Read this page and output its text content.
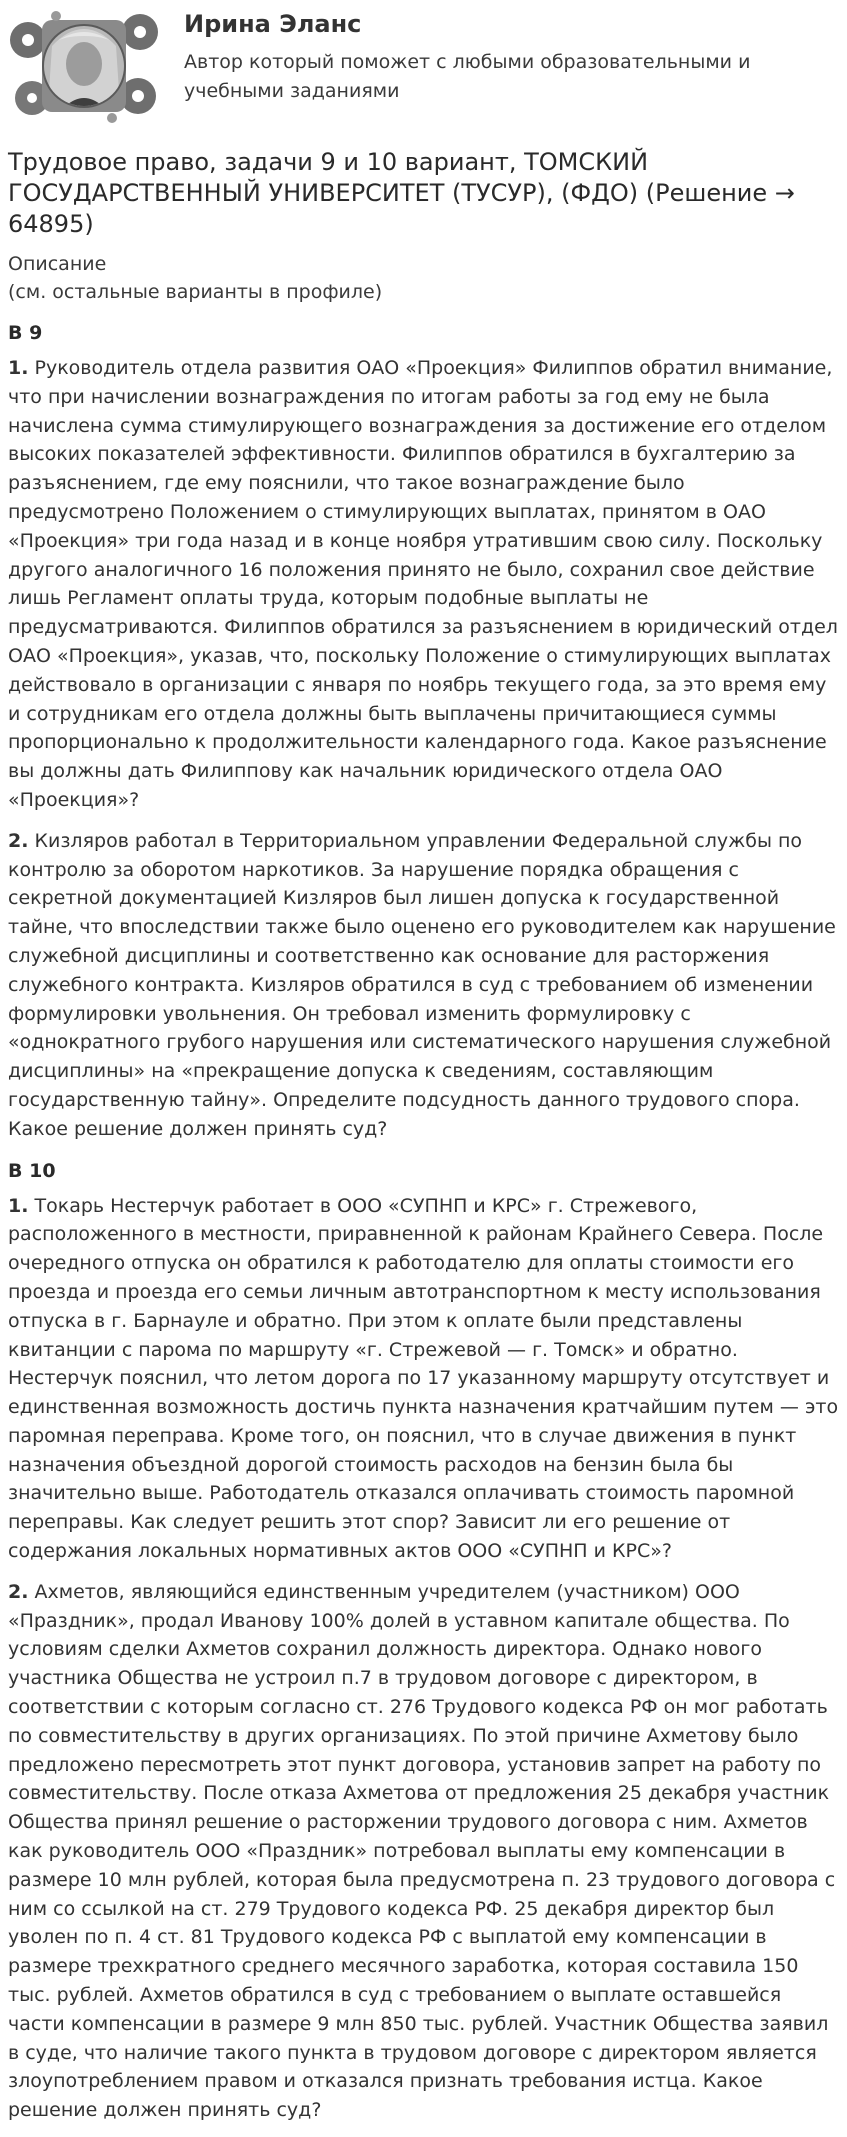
Ирина Эланс

Автор который поможет с любыми образовательными и учебными заданиями

Трудовое право, задачи 9 и 10 вариант, ТОМСКИЙ ГОСУДАРСТВЕННЫЙ УНИВЕРСИТЕТ (ТУСУР), (ФДО) (Решение → 64895)

Описание

(см. остальные варианты в профиле)

В 9

1. Руководитель отдела развития ОАО «Проекция» Филиппов обратил внимание, что при начислении вознаграждения по итогам работы за год ему не была начислена сумма стимулирующего вознаграждения за достижение его отделом высоких показателей эффективности. Филиппов обратился в бухгалтерию за разъяснением, где ему пояснили, что такое вознаграждение было предусмотрено Положением о стимулирующих выплатах, принятом в ОАО «Проекция» три года назад и в конце ноября утратившим свою силу. Поскольку другого аналогичного 16 положения принято не было, сохранил свое действие лишь Регламент оплаты труда, которым подобные выплаты не предусматриваются. Филиппов обратился за разъяснением в юридический отдел ОАО «Проекция», указав, что, поскольку Положение о стимулирующих выплатах действовало в организации с января по ноябрь текущего года, за это время ему и сотрудникам его отдела должны быть выплачены причитающиеся суммы пропорционально к продолжительности календарного года. Какое разъяснение вы должны дать Филиппову как начальник юридического отдела ОАО «Проекция»?

2. Кизляров работал в Территориальном управлении Федеральной службы по контролю за оборотом наркотиков. За нарушение порядка обращения с секретной документацией Кизляров был лишен допуска к государственной тайне, что впоследствии также было оценено его руководителем как нарушение служебной дисциплины и соответственно как основание для расторжения служебного контракта. Кизляров обратился в суд с требованием об изменении формулировки увольнения. Он требовал изменить формулировку с «однократного грубого нарушения или систематического нарушения служебной дисциплины» на «прекращение допуска к сведениям, составляющим государственную тайну». Определите подсудность данного трудового спора. Какое решение должен принять суд?

В 10

1. Токарь Нестерчук работает в ООО «СУПНП и КРС» г. Стрежевого, расположенного в местности, приравненной к районам Крайнего Севера. После очередного отпуска он обратился к работодателю для оплаты стоимости его проезда и проезда его семьи личным автотранспортном к месту использования отпуска в г. Барнауле и обратно. При этом к оплате были представлены квитанции с парома по маршруту «г. Стрежевой — г. Томск» и обратно. Нестерчук пояснил, что летом дорога по 17 указанному маршруту отсутствует и единственная возможность достичь пункта назначения кратчайшим путем — это паромная переправа. Кроме того, он пояснил, что в случае движения в пункт назначения объездной дорогой стоимость расходов на бензин была бы значительно выше. Работодатель отказался оплачивать стоимость паромной переправы. Как следует решить этот спор? Зависит ли его решение от содержания локальных нормативных актов ООО «СУПНП и КРС»?

2. Ахметов, являющийся единственным учредителем (участником) ООО «Праздник», продал Иванову 100% долей в уставном капитале общества. По условиям сделки Ахметов сохранил должность директора. Однако нового участника Общества не устроил п.7 в трудовом договоре с директором, в соответствии с которым согласно ст. 276 Трудового кодекса РФ он мог работать по совместительству в других организациях. По этой причине Ахметову было предложено пересмотреть этот пункт договора, установив запрет на работу по совместительству. После отказа Ахметова от предложения 25 декабря участник Общества принял решение о расторжении трудового договора с ним. Ахметов как руководитель ООО «Праздник» потребовал выплаты ему компенсации в размере 10 млн рублей, которая была предусмотрена п. 23 трудового договора с ним со ссылкой на ст. 279 Трудового кодекса РФ. 25 декабря директор был уволен по п. 4 ст. 81 Трудового кодекса РФ с выплатой ему компенсации в размере трехкратного среднего месячного заработка, которая составила 150 тыс. рублей. Ахметов обратился в суд с требованием о выплате оставшейся части компенсации в размере 9 млн 850 тыс. рублей. Участник Общества заявил в суде, что наличие такого пункта в трудовом договоре с директором является злоупотреблением правом и отказался признать требования истца. Какое решение должен принять суд?
